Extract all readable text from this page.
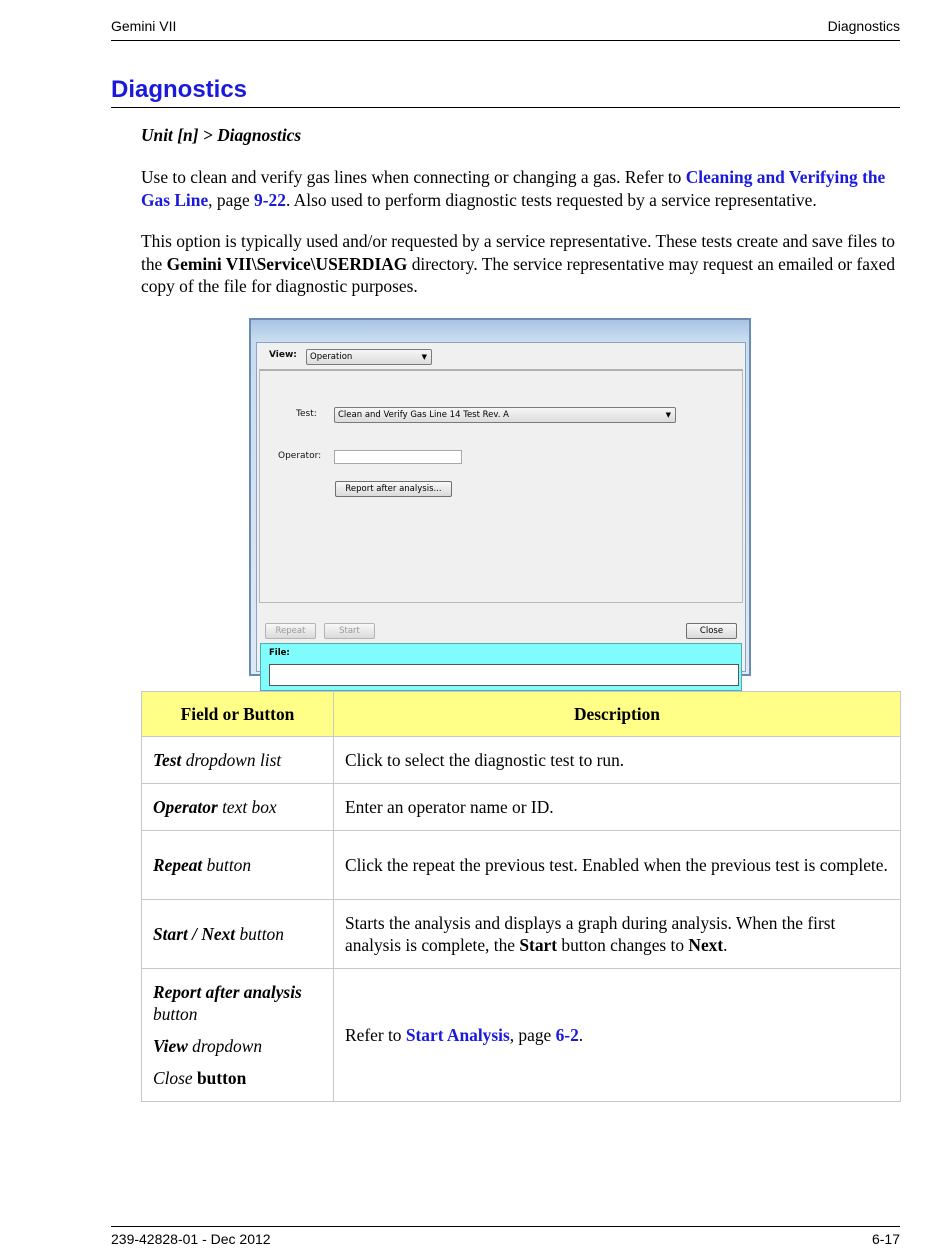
Gemini VII	Diagnostics
Diagnostics
Unit [n] > Diagnostics
Use to clean and verify gas lines when connecting or changing a gas. Refer to Cleaning and Verifying the Gas Line, page 9-22. Also used to perform diagnostic tests requested by a service representative.
This option is typically used and/or requested by a service representative. These tests create and save files to the Gemini VII\Service\USERDIAG directory. The service representative may request an emailed or faxed copy of the file for diagnostic purposes.
View:	Operation	▼
Test:	Clean and Verify Gas Line 14 Test Rev. A	▼
Operator:
Report after analysis...
Repeat	Start	Close
File:
Field or Button	Description
Test dropdown list	Click to select the diagnostic test to run.
Operator text box	Enter an operator name or ID.
Repeat button	Click the repeat the previous test. Enabled when the previous test is complete.
Start / Next button	Starts the analysis and displays a graph during analysis. When the first analysis is complete, the Start button changes to Next.

Report after analysis
button
View dropdown
Close button	Refer to Start Analysis, page 6-2.
239-42828-01 - Dec 2012	6-17
